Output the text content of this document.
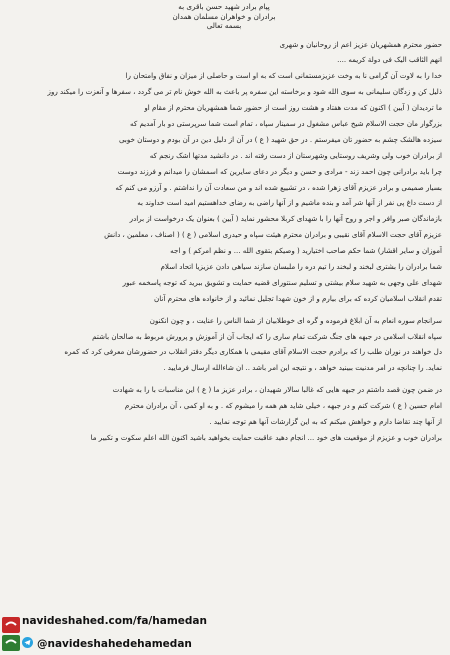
پیام برادر شهید حسن باقری به
برادران و خواهران مسلمان همدان
بسمه تعالی
حضور محترم همشهریان عزیز اعم از روحانیان و شهری
انهم الثاقب الیک فی دولة کریمه ....
خدا را به لاوت آن گرامی نا به وخت عزیزمستمانی است که به او است و حاصلی از میزان و نفاق وامتحان را
ذلیل کن و زدگان سلیمانی به سوی الله شود و برخاسته این سفره پر باعث به الله خوش نام تر می گردد ، سفرها و آنعزت را میکند روز
ما تردیدان ( آیین ) اکنون که مدت هفتاد و هشت روز است از حضور شما همشهریان محترم از مقام او
بزرگوار مان حجت الاسلام شیخ عباس مشغول در سمینار سپاه ، تمام است شما سرپرستی دو بار آمدیم که
سیزده هالشک چشم به حضور تان میفرستم . در حق شهید ( ع ) در آن از دلیل دین در آن بودم و دوستان خوبی
از برادران خوب ولی وشریف روستایی وشهرستان از دست رفته اند . در دانشید مدتها اشک رنجم که
چرا باید برادرانی چون احمد زند - مرادی و حسن و دیگر در دعای سایرین که اسمشان را میدانم و فرزند دوست
بسیار صمیمی و برادر عزیزم آقای زهرا شده ، در تشییع شده اند و من سعادت آن را نداشتم . و آرزو می کنم که
از دست داغ پی نفر از آنها شر آمد و بنده ماشیم و از آنها راضی به رضای خداهستیم امید است خداوند به
بازماندگان صبر وافر و اجر و روح آنها را با شهدای کربلا محشور نماید ( آیین ) بعنوان یک درخواست از برادر
عزیزم آقای حجت الاسلام آقای نقیبی و برادران محترم هیئت سپاه و حیدری اسلامی ( ع ) ( اصناف ، معلمین ، دانش
آموزان و سایر اقشار) شما حکم صاحب اختیارید ( وصیکم بتقوی الله ... و نظم امرکم ) و اجه
شما برادران را بشتری لبخند و لبخند را تیم دره را ملبسان سازند سیاهی دادن عزیزیا اتحاد اسلام
شهدای علی وجهی به شهید سلام بیشتی و تسلیم سنتورای قضیه حمایت و تشویق ببرید که توجه پاسخمه عبور
تقدم انقلاب اسلامیان کرده که برای بیارم و از خون شهدا تجلیل نمائید و از خانواده های محترم آنان
سرانجام سوره انعام به آن ابلاغ فرموده و گره ای خوطلابیان از شما الناس را عنایت ، و چون انکنون
سپاه انقلاب اسلامی در جبهه های جنگ شرکت تمام ساری را که ایجاب آن از آموزش و پرورش مربوط به صالحان باشتم
دل خواهند در نوران طلب را که برادرم حجت الاسلام آقای مقیمی با همکاری دیگر دفتر انقلاب در حضورشان معرفی کرد که کمره
نماید. را چنانچه در امر مدنیت ببینید خواهد ، و نتیجه این امر باشد .. ان شاءالله ارسال فرمایید .
در ضمن چون قصد داشتم در جبهه هایی که غالبا سالار شهیدان ، برادر عزیز ما ( ع ) این مناسبات با را به شهادت
امام حسین ( ع ) شرکت کنم و در جبهه ، خیلی شاید هم همه را میشوم که . و به او کمی ، آن برادران محترم
از آنها چند تقاضا دارم و خواهش میکنم که به این گزارشات آنها هم توجه نمایید .
برادران خوب و عزیزم از موقعیت های خود ... انجام دهید عاقبت حمایت بخواهید باشید اکنون الله اعلم سکوت و تکبیر ما
navideshahed.com/fa/hamedan
@navideshahedehamedan
